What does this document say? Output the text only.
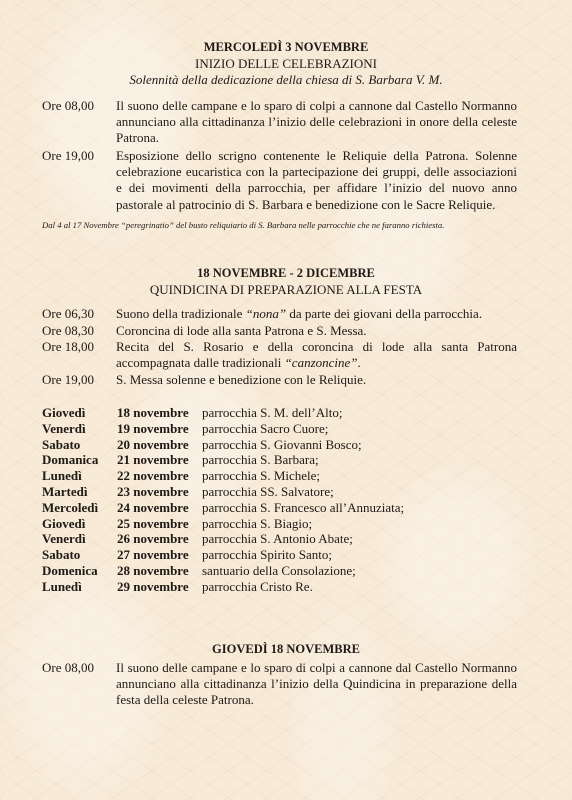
MERCOLEDÌ 3 NOVEMBRE
INIZIO DELLE CELEBRAZIONI
Solennità della dedicazione della chiesa di S. Barbara V. M.
Ore 08,00	Il suono delle campane e lo sparo di colpi a cannone dal Castello Normanno annunciano alla cittadinanza l’inizio delle celebrazioni in onore della celeste Patrona.
Ore 19,00	Esposizione dello scrigno contenente le Reliquie della Patrona. Solenne celebrazione eucaristica con la partecipazione dei gruppi, delle associazioni e dei movimenti della parrocchia, per affidare l’inizio del nuovo anno pastorale al patrocinio di S. Barbara e benedizione con le Sacre Reliquie.
Dal 4 al 17 Novembre “peregrinatio” del busto reliquiario di S. Barbara nelle parrocchie che ne faranno richiesta.
18 NOVEMBRE - 2 DICEMBRE
QUINDICINA DI PREPARAZIONE ALLA FESTA
Ore 06,30	Suono della tradizionale “nona” da parte dei giovani della parrocchia.
Ore 08,30	Coroncina di lode alla santa Patrona e S. Messa.
Ore 18,00	Recita del S. Rosario e della coroncina di lode alla santa Patrona accompagnata dalle tradizionali “canzoncine”.
Ore 19,00	S. Messa solenne e benedizione con le Reliquie.
Giovedì	18 novembre	parrocchia S. M. dell’Alto;
Venerdì	19 novembre	parrocchia Sacro Cuore;
Sabato	20 novembre	parrocchia S. Giovanni Bosco;
Domanica	21 novembre	parrocchia S. Barbara;
Lunedì	22 novembre	parrocchia S. Michele;
Martedì	23 novembre	parrocchia SS. Salvatore;
Mercoledì	24 novembre	parrocchia S. Francesco all’Annuziata;
Giovedì	25 novembre	parrocchia S. Biagio;
Venerdì	26 novembre	parrocchia S. Antonio Abate;
Sabato	27 novembre	parrocchia Spirito Santo;
Domenica	28 novembre	santuario della Consolazione;
Lunedì	29 novembre	parrocchia Cristo Re.
GIOVEDÌ 18 NOVEMBRE
Ore 08,00	Il suono delle campane e lo sparo di colpi a cannone dal Castello Normanno annunciano alla cittadinanza l’inizio della Quindicina in preparazione della festa della celeste Patrona.
